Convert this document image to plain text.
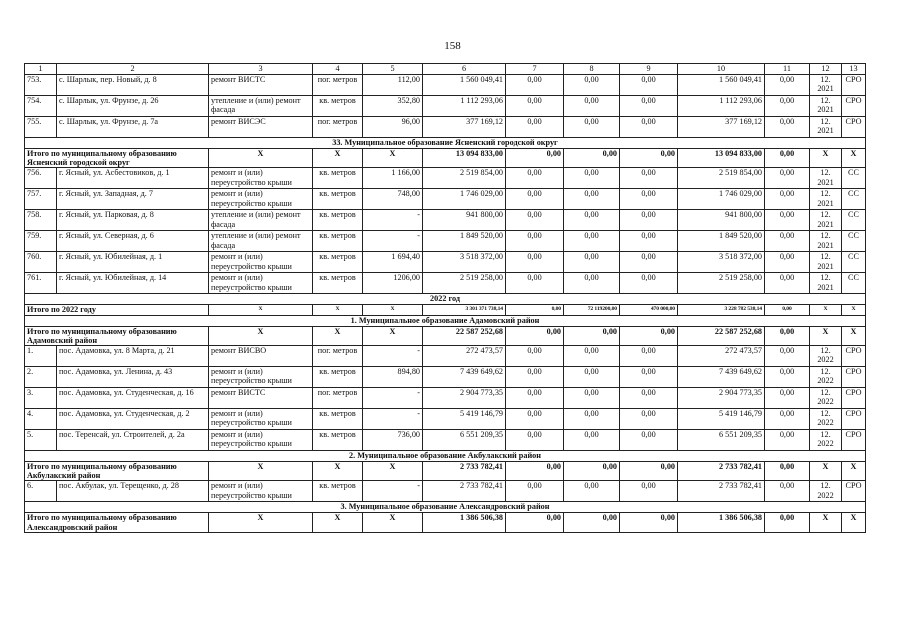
158
1	2	3	4	5	6	7	8	9	10	11	12	13
753.	с. Шарлык, пер. Новый, д. 8	ремонт ВИСТС	пог. метров	112,00	1 560 049,41	0,00	0,00	0,00	1 560 049,41	0,00	12. 2021	СРО
754.	с. Шарлык, ул. Фрунзе, д. 26	утепление и (или) ремонт фасада	кв. метров	352,80	1 112 293,06	0,00	0,00	0,00	1 112 293,06	0,00	12. 2021	СРО
755.	с. Шарлык, ул. Фрунзе, д. 7а	ремонт ВИСЭС	пог. метров	96,00	377 169,12	0,00	0,00	0,00	377 169,12	0,00	12. 2021	СРО
33. Муниципальное образование Ясненский городской округ												
Итого по муниципальному образованию Ясненский городской округ		X	X	X	13 094 833,00	0,00	0,00	0,00	13 094 833,00	0,00	X	X
756.	г. Ясный, ул. Асбестовиков, д. 1	ремонт и (или) переустройство крыши	кв. метров	1 166,00	2 519 854,00	0,00	0,00	0,00	2 519 854,00	0,00	12. 2021	СС
757.	г. Ясный, ул. Западная, д. 7	ремонт и (или) переустройство крыши	кв. метров	748,00	1 746 029,00	0,00	0,00	0,00	1 746 029,00	0,00	12. 2021	СС
758.	г. Ясный, ул. Парковая, д. 8	утепление и (или) ремонт фасада	кв. метров	-	941 800,00	0,00	0,00	0,00	941 800,00	0,00	12. 2021	СС
759.	г. Ясный, ул. Северная, д. 6	утепление и (или) ремонт фасада	кв. метров	-	1 849 520,00	0,00	0,00	0,00	1 849 520,00	0,00	12. 2021	СС
760.	г. Ясный, ул. Юбилейная, д. 1	ремонт и (или) переустройство крыши	кв. метров	1 694,40	3 518 372,00	0,00	0,00	0,00	3 518 372,00	0,00	12. 2021	СС
761.	г. Ясный, ул. Юбилейная, д. 14	ремонт и (или) переустройство крыши	кв. метров	1206,00	2 519 258,00	0,00	0,00	0,00	2 519 258,00	0,00	12. 2021	СС
2022 год												
Итого по 2022 году		X	X	X	3 301 371 738,14	0,00	72 119200,00	470 000,00	3 228 782 538,14	0,00	X	X
1. Муниципальное образование Адамовский район												
Итого по муниципальному образованию Адамовский район		X	X	X	22 587 252,68	0,00	0,00	0,00	22 587 252,68	0,00	X	X
1.	пос. Адамовка, ул. 8 Марта, д. 21	ремонт ВИСВО	пог. метров	-	272 473,57	0,00	0,00	0,00	272 473,57	0,00	12. 2022	СРО
2.	пос. Адамовка, ул. Ленина, д. 43	ремонт и (или) переустройство крыши	кв. метров	894,80	7 439 649,62	0,00	0,00	0,00	7 439 649,62	0,00	12. 2022	СРО
3.	пос. Адамовка, ул. Студенческая, д. 16	ремонт ВИСТС	пог. метров	-	2 904 773,35	0,00	0,00	0,00	2 904 773,35	0,00	12. 2022	СРО
4.	пос. Адамовка, ул. Студенческая, д. 2	ремонт и (или) переустройство крыши	кв. метров	-	5 419 146,79	0,00	0,00	0,00	5 419 146,79	0,00	12. 2022	СРО
5.	пос. Теренсай, ул. Строителей, д. 2а	ремонт и (или) переустройство крыши	кв. метров	736,00	6 551 209,35	0,00	0,00	0,00	6 551 209,35	0,00	12. 2022	СРО
2. Муниципальное образование Акбулакский район												
Итого по муниципальному образованию Акбулакский район		X	X	X	2 733 782,41	0,00	0,00	0,00	2 733 782,41	0,00	X	X
6.	пос. Акбулак, ул. Терещенко, д. 28	ремонт и (или) переустройство крыши	кв. метров	-	2 733 782,41	0,00	0,00	0,00	2 733 782,41	0,00	12. 2022	СРО
3. Муниципальное образование Александровский район												
Итого по муниципальному образованию Александровский район		X	X	X	1 386 506,38	0,00	0,00	0,00	1 386 506,38	0,00	X	X
